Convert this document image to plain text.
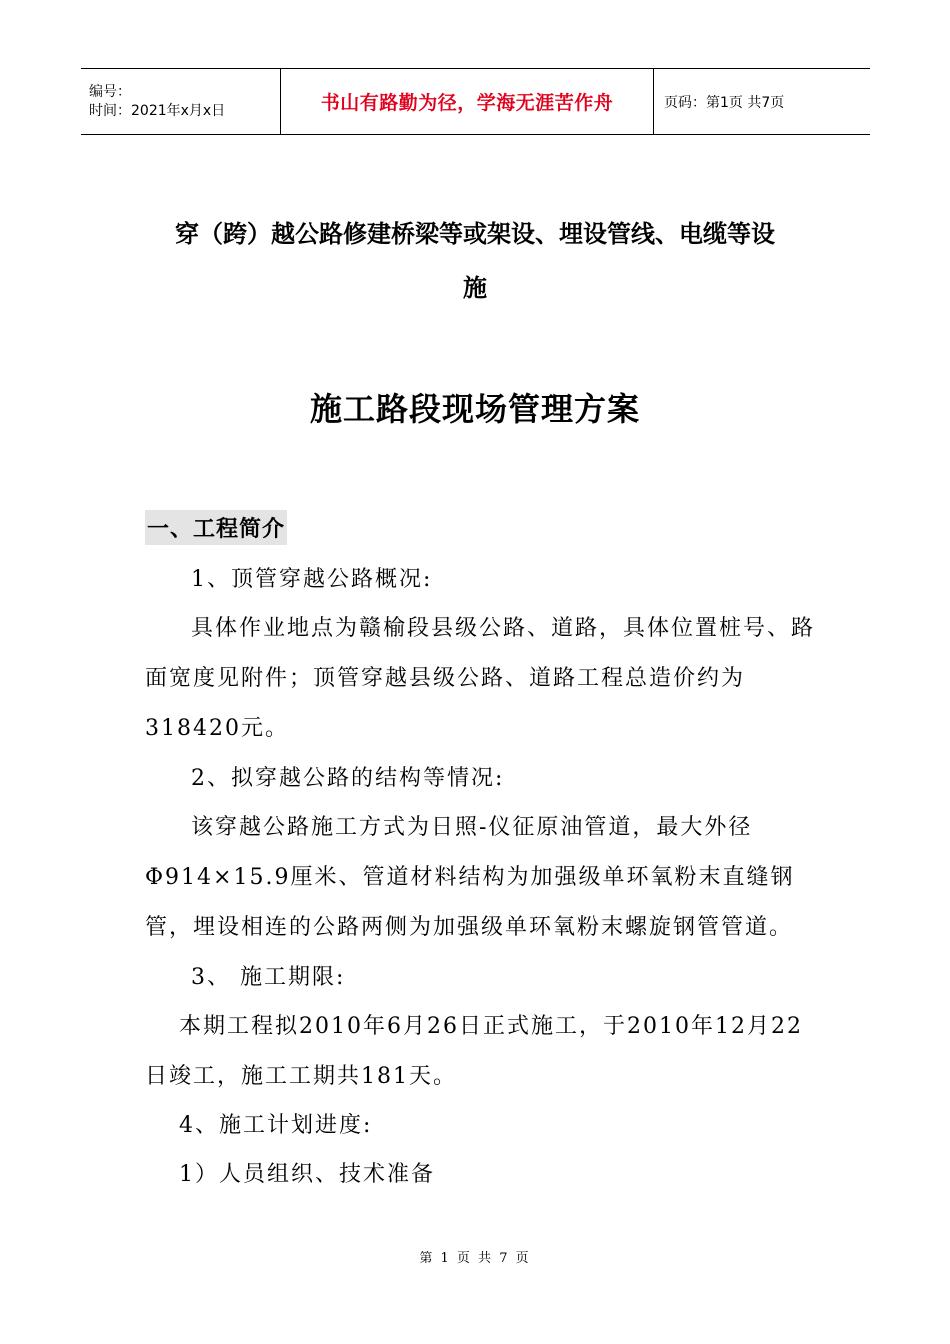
编号：
时间：2021年x月x日	书山有路勤为径，学海无涯苦作舟	页码：第1页 共7页
穿（跨）越公路修建桥梁等或架设、埋设管线、电缆等设
施
施工路段现场管理方案
一、工程简介
1、顶管穿越公路概况:
具体作业地点为赣榆段县级公路、道路，具体位置桩号、路面宽度见附件；顶管穿越县级公路、道路工程总造价约为318420元。
2、拟穿越公路的结构等情况:
该穿越公路施工方式为日照-仪征原油管道，最大外径Φ914×15.9厘米、管道材料结构为加强级单环氧粉末直缝钢管，埋设相连的公路两侧为加强级单环氧粉末螺旋钢管管道。
3、 施工期限:
本期工程拟2010年6月26日正式施工，于2010年12月22日竣工，施工工期共181天。
4、施工计划进度:
1）人员组织、技术准备
第 1 页 共 7 页
